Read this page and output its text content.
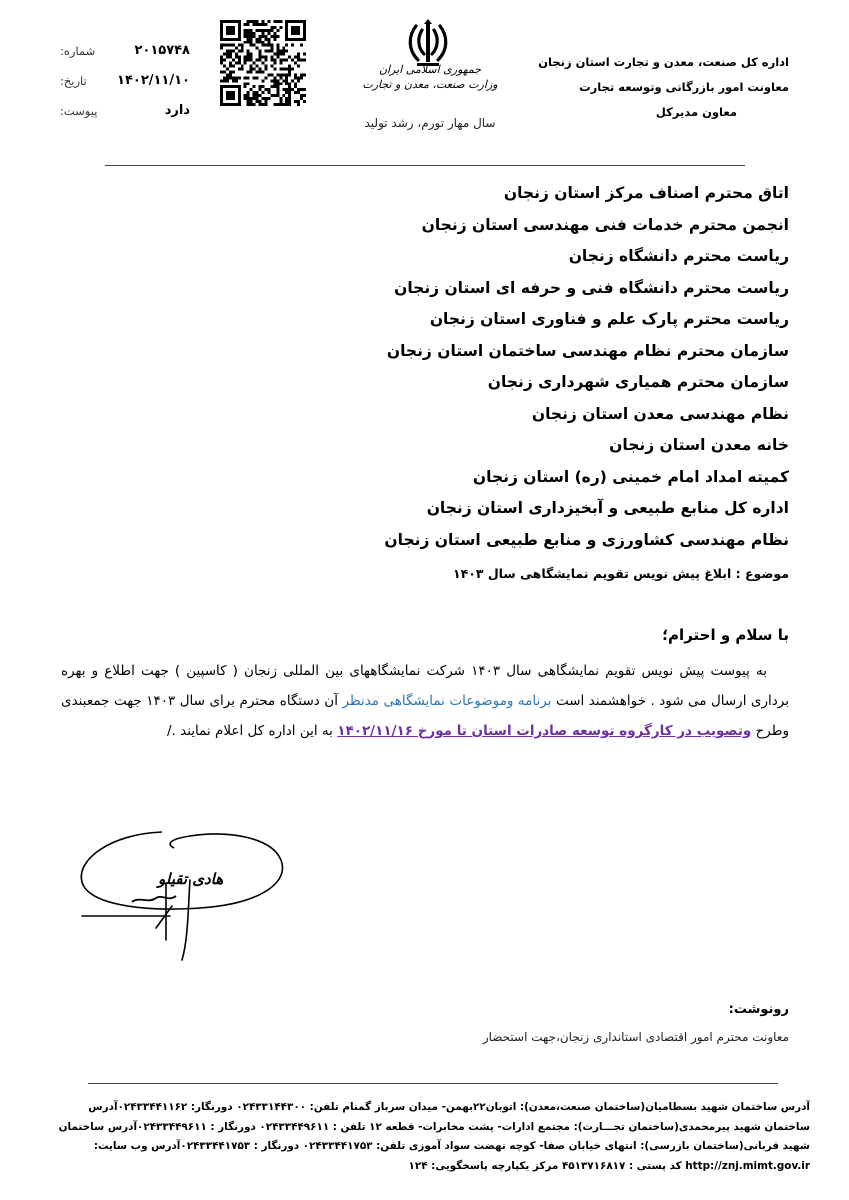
اداره کل صنعت، معدن و تجارت استان زنجان
معاونت امور بازرگانی وتوسعه تجارت
معاون مدیرکل
جمهوری اسلامی ایران
وزارت صنعت، معدن و تجارت
سال مهار تورم، رشد تولید
شماره:	۲۰۱۵۷۴۸
تاریخ: ۱۴۰۲/۱۱/۱۰
پیوست:	دارد
اتاق محترم اصناف مرکز استان زنجان
انجمن محترم خدمات فنی مهندسی استان زنجان
ریاست محترم دانشگاه زنجان
ریاست محترم دانشگاه فنی و حرفه ای استان زنجان
ریاست محترم پارک علم و فناوری استان زنجان
سازمان محترم نظام مهندسی ساختمان استان زنجان
سازمان محترم همیاری شهرداری زنجان
نظام مهندسی معدن استان زنجان
خانه معدن استان زنجان
کمیته امداد امام خمینی (ره) استان زنجان
اداره کل منابع طبیعی و آبخیزداری استان زنجان
نظام مهندسی کشاورزی و منابع طبیعی استان زنجان
موضوع : ابلاغ پیش نویس تقویم نمایشگاهی سال ۱۴۰۳
با سلام و احترام؛
به پیوست پیش نویس تقویم نمایشگاهی سال ۱۴۰۳ شرکت نمایشگاههای بین المللی زنجان ( کاسپین ) جهت اطلاع و بهره برداری ارسال می شود . خواهشمند است برنامه وموضوعات نمایشگاهی مدنظر آن دستگاه محترم برای سال ۱۴۰۳ جهت جمعبندی وطرح وتصویب در کارگروه توسعه صادرات استان تا مورخ ۱۴۰۲/۱۱/۱۶ به این اداره کل اعلام نمایند ./
هادی تقیلو
رونوشت:
معاونت محترم امور اقتصادی استانداری زنجان،جهت استحضار
آدرس ساختمان شهید بسطامیان(ساختمان صنعت،معدن): اتوبان۲۲بهمن- میدان سرباز گمنام تلفن: ۰۲۴۳۳۱۴۴۳۰۰ دورنگار: ۰۲۴۳۳۴۴۱۱۶۲آدرس
ساختمان شهید پیرمحمدی(ساختمان تجـــارت): مجتمع ادارات- پشت مخابرات- قطعه ۱۲ تلفن : ۰۲۴۳۳۴۴۹۶۱۱ دورنگار : ۰۲۴۳۳۴۴۹۶۱۱آدرس ساختمان
شهید قربانی(ساختمان بازرسی): انتهای خیابان صفا- کوچه نهضت سواد آموزی تلفن: ۰۲۴۳۳۴۴۱۷۵۳ دورنگار : ۰۲۴۳۳۴۴۱۷۵۳آدرس وب سایت:
http://znj.mimt.gov.ir کد پستی : ۴۵۱۳۷۱۶۸۱۷ مرکز یکپارچه پاسخگویی: ۱۲۴
